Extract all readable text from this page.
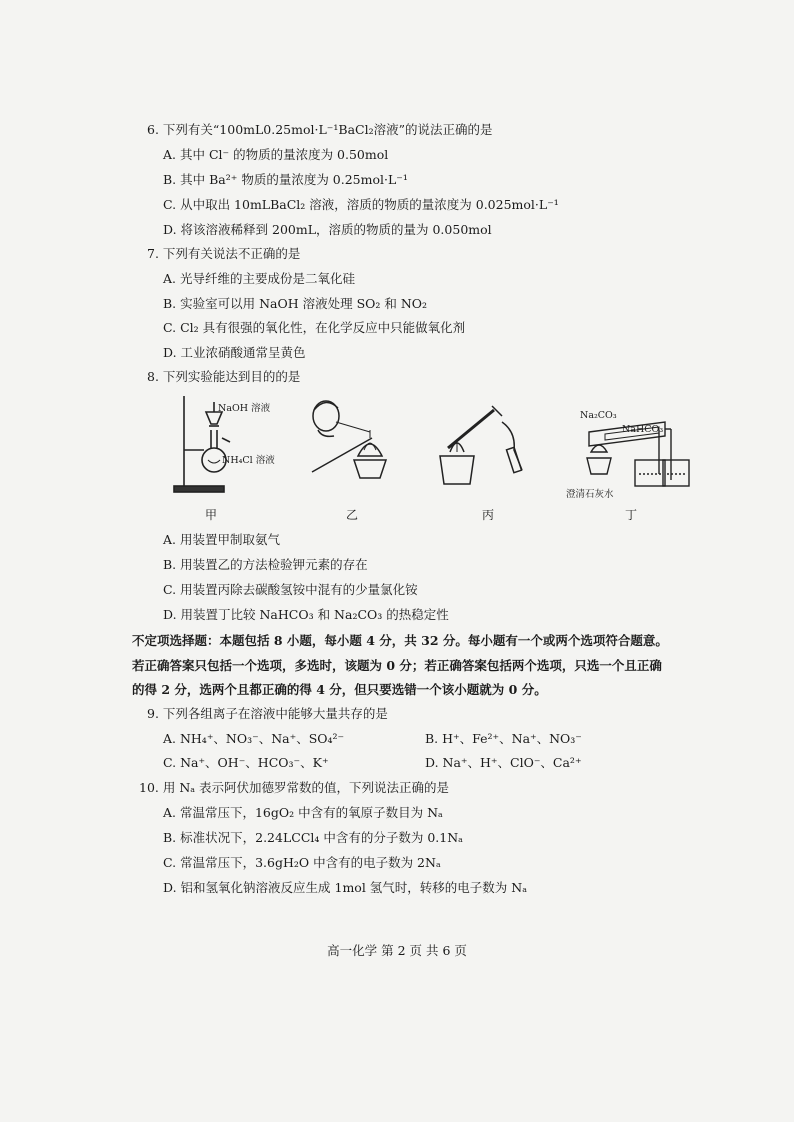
6. 下列有关“100mL0.25mol·L⁻¹BaCl₂溶液”的说法正确的是
A. 其中 Cl⁻ 的物质的量浓度为 0.50mol
B. 其中 Ba²⁺ 物质的量浓度为 0.25mol·L⁻¹
C. 从中取出 10mLBaCl₂ 溶液，溶质的物质的量浓度为 0.025mol·L⁻¹
D. 将该溶液稀释到 200mL，溶质的物质的量为 0.050mol
7. 下列有关说法不正确的是
A. 光导纤维的主要成份是二氧化硅
B. 实验室可以用 NaOH 溶液处理 SO₂ 和 NO₂
C. Cl₂ 具有很强的氧化性，在化学反应中只能做氧化剂
D. 工业浓硝酸通常呈黄色
8. 下列实验能达到目的的是
NaOH 溶液
NH₄Cl 溶液
Na₂CO₃
NaHCO₃
澄清石灰水
甲	乙	丙	丁
A. 用装置甲制取氨气
B. 用装置乙的方法检验钾元素的存在
C. 用装置丙除去碳酸氢铵中混有的少量氯化铵
D. 用装置丁比较 NaHCO₃ 和 Na₂CO₃ 的热稳定性
不定项选择题：本题包括 8 小题，每小题 4 分，共 32 分。每小题有一个或两个选项符合题意。
若正确答案只包括一个选项，多选时，该题为 0 分；若正确答案包括两个选项，只选一个且正确
的得 2 分，选两个且都正确的得 4 分，但只要选错一个该小题就为 0 分。
9. 下列各组离子在溶液中能够大量共存的是
A. NH₄⁺、NO₃⁻、Na⁺、SO₄²⁻	B. H⁺、Fe²⁺、Na⁺、NO₃⁻
C. Na⁺、OH⁻、HCO₃⁻、K⁺	D. Na⁺、H⁺、ClO⁻、Ca²⁺
10. 用 Nₐ 表示阿伏加德罗常数的值，下列说法正确的是
A. 常温常压下，16gO₂ 中含有的氧原子数目为 Nₐ
B. 标准状况下，2.24LCCl₄ 中含有的分子数为 0.1Nₐ
C. 常温常压下，3.6gH₂O 中含有的电子数为 2Nₐ
D. 铝和氢氧化钠溶液反应生成 1mol 氢气时，转移的电子数为 Nₐ
高一化学 第 2 页 共 6 页
